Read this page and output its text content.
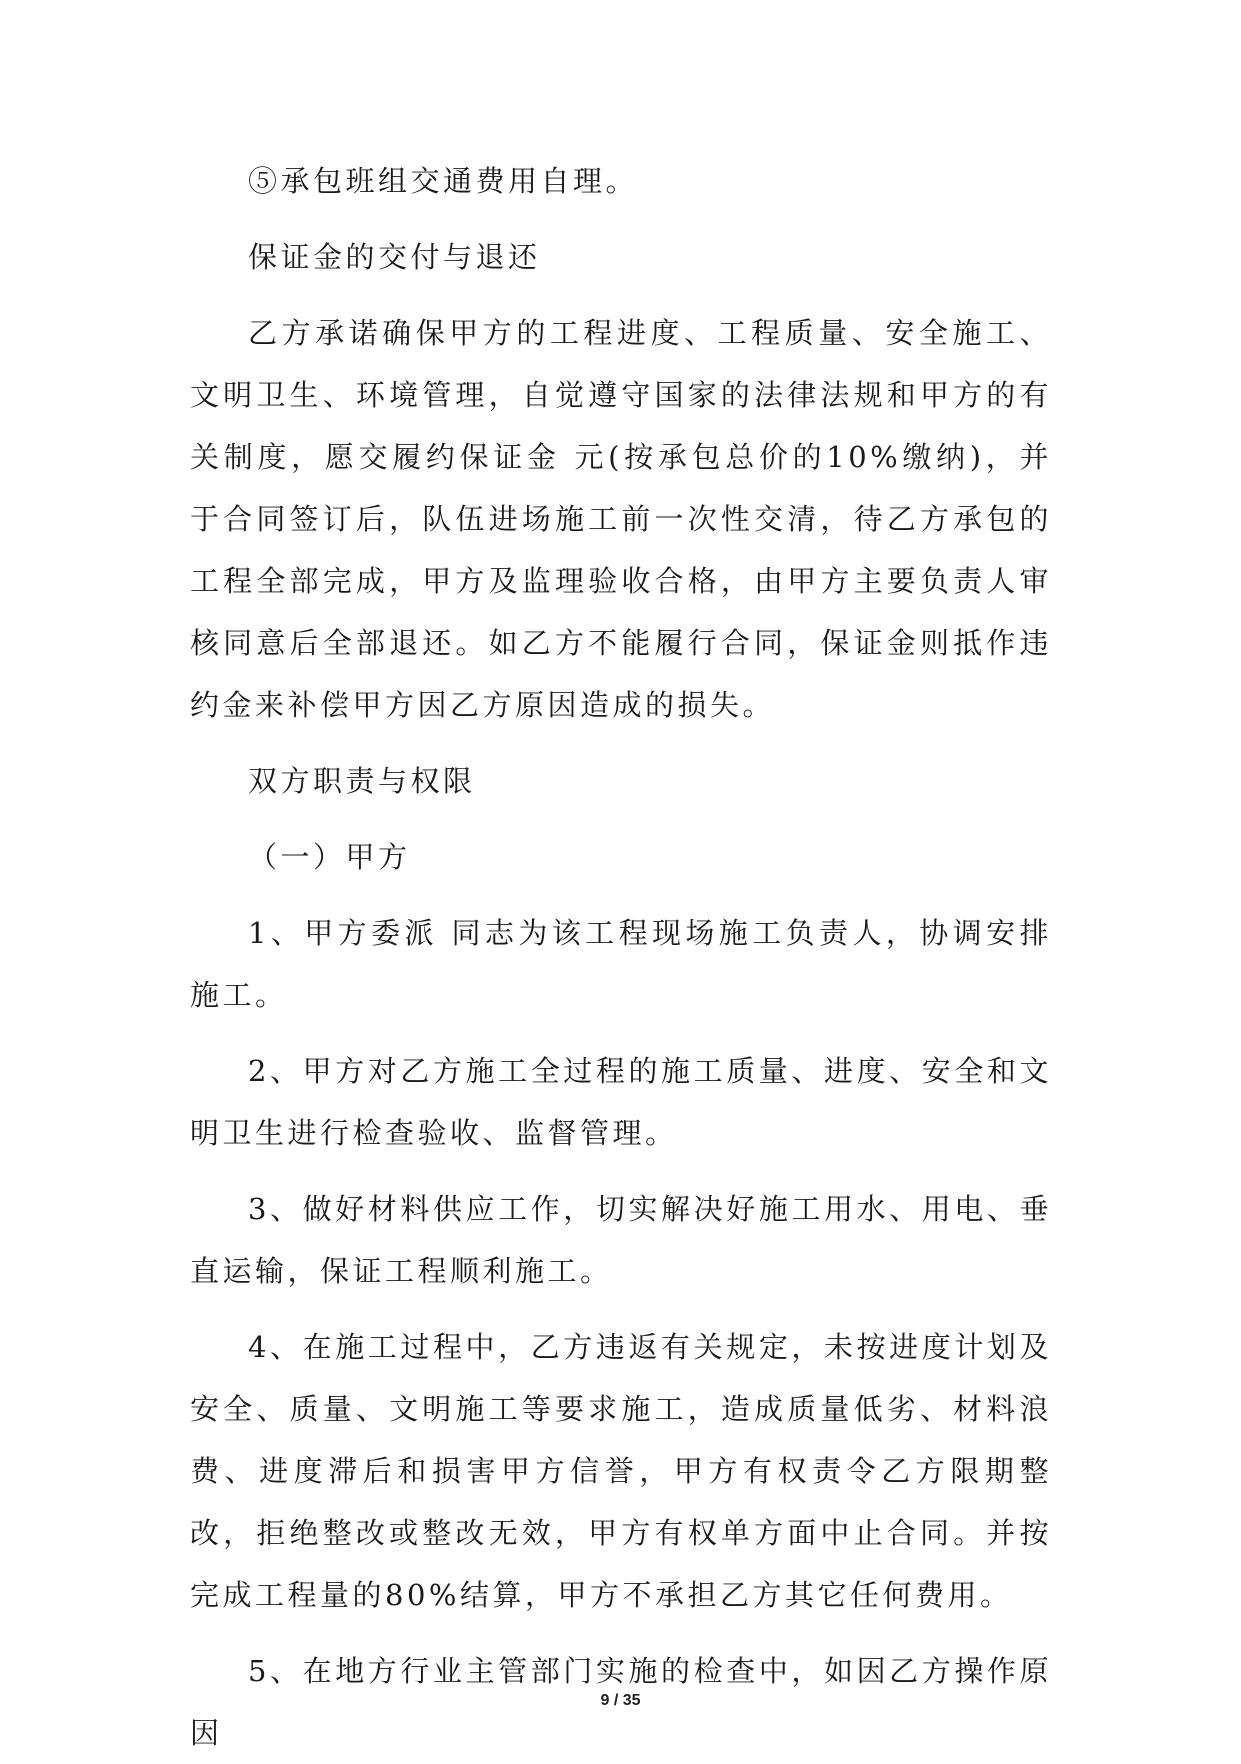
⑤承包班组交通费用自理。

保证金的交付与退还

乙方承诺确保甲方的工程进度、工程质量、安全施工、文明卫生、环境管理，自觉遵守国家的法律法规和甲方的有关制度，愿交履约保证金 元(按承包总价的10%缴纳)，并于合同签订后，队伍进场施工前一次性交清，待乙方承包的工程全部完成，甲方及监理验收合格，由甲方主要负责人审核同意后全部退还。如乙方不能履行合同，保证金则抵作违约金来补偿甲方因乙方原因造成的损失。

双方职责与权限

（一）甲方

1、甲方委派 同志为该工程现场施工负责人，协调安排施工。

2、甲方对乙方施工全过程的施工质量、进度、安全和文明卫生进行检查验收、监督管理。

3、做好材料供应工作，切实解决好施工用水、用电、垂直运输，保证工程顺利施工。

4、在施工过程中，乙方违返有关规定，未按进度计划及安全、质量、文明施工等要求施工，造成质量低劣、材料浪费、进度滞后和损害甲方信誉，甲方有权责令乙方限期整改，拒绝整改或整改无效，甲方有权单方面中止合同。并按完成工程量的80%结算，甲方不承担乙方其它任何费用。

5、在地方行业主管部门实施的检查中，如因乙方操作原因

9 / 35
